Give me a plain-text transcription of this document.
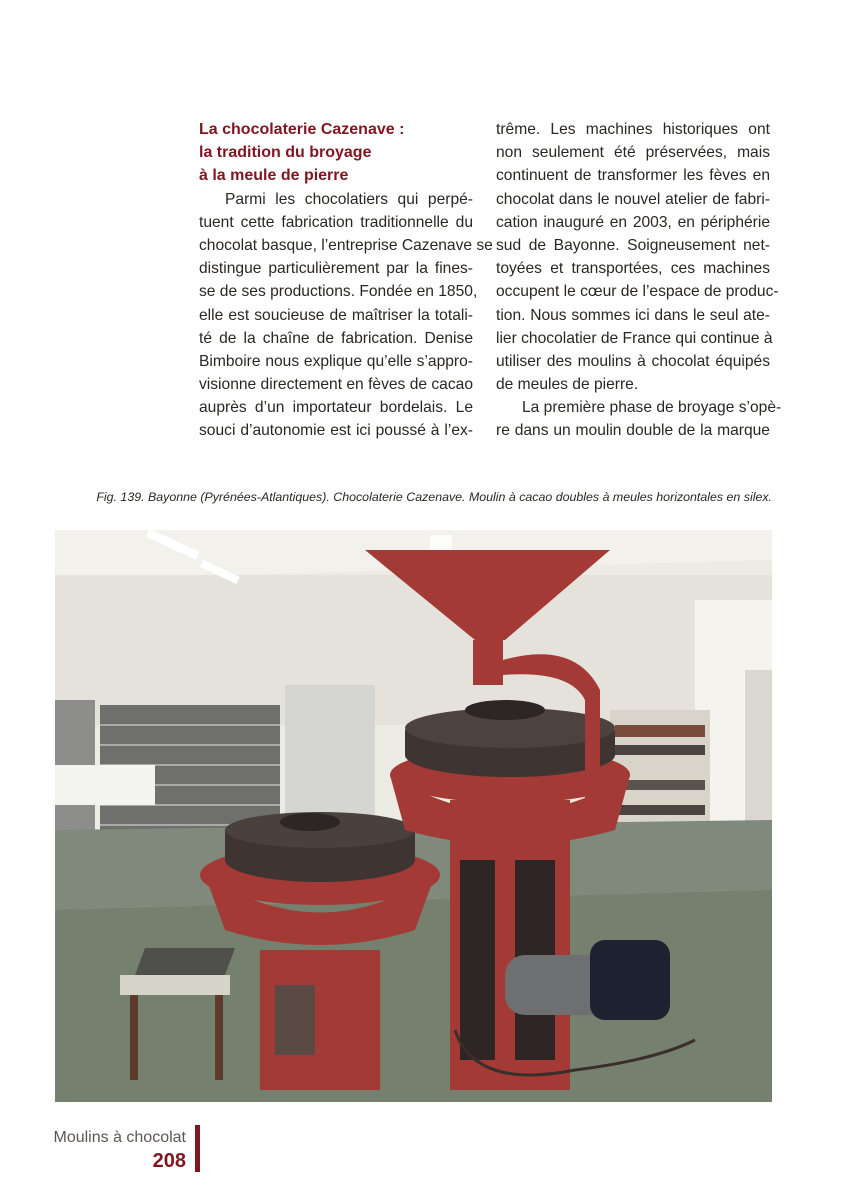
La chocolaterie Cazenave :
la tradition du broyage
à la meule de pierre
Parmi les chocolatiers qui perpé-
tuent cette fabrication traditionnelle du
chocolat basque, l’entreprise Cazenave se
distingue particulièrement par la fines-
se de ses productions. Fondée en 1850,
elle est soucieuse de maîtriser la totali-
té de la chaîne de fabrication. Denise
Bimboire nous explique qu’elle s’appro-
visionne directement en fèves de cacao
auprès d’un importateur bordelais. Le
souci d’autonomie est ici poussé à l’ex-
trême. Les machines historiques ont
non seulement été préservées, mais
continuent de transformer les fèves en
chocolat dans le nouvel atelier de fabri-
cation inauguré en 2003, en périphérie
sud de Bayonne. Soigneusement net-
toyées et transportées, ces machines
occupent le cœur de l’espace de produc-
tion. Nous sommes ici dans le seul ate-
lier chocolatier de France qui continue à
utiliser des moulins à chocolat équipés
de meules de pierre.
La première phase de broyage s’opè-
re dans un moulin double de la marque
Fig. 139. Bayonne (Pyrénées-Atlantiques). Chocolaterie Cazenave. Moulin à cacao doubles à meules horizontales en silex.
Moulins à chocolat
208
